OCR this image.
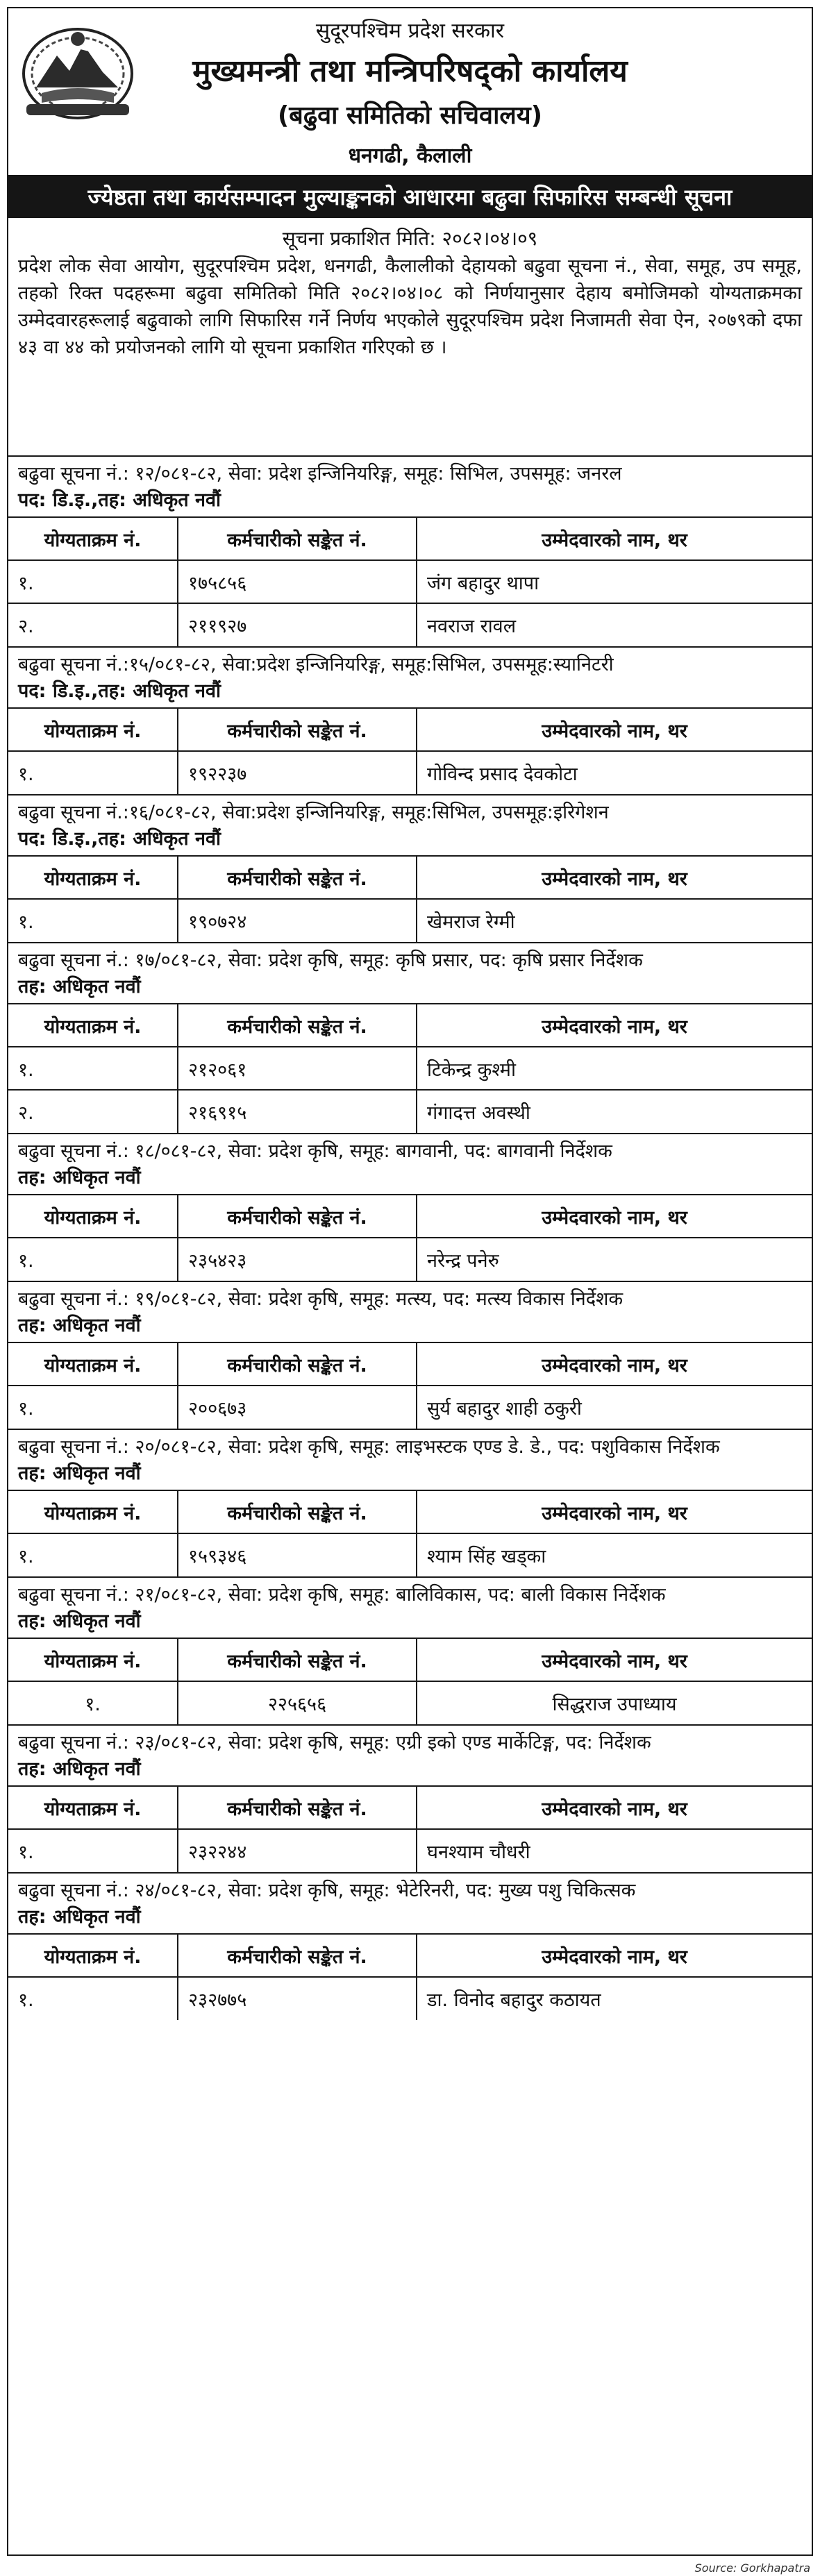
सुदूरपश्चिम प्रदेश सरकार
मुख्यमन्त्री तथा मन्त्रिपरिषद्को कार्यालय
(बढुवा समितिको सचिवालय)
धनगढी, कैलाली
ज्येष्ठता तथा कार्यसम्पादन मुल्याङ्कनको आधारमा बढुवा सिफारिस सम्बन्धी सूचना
सूचना प्रकाशित मिति: २०८२।०४।०९
प्रदेश लोक सेवा आयोग, सुदूरपश्चिम प्रदेश, धनगढी, कैलालीको देहायको बढुवा सूचना नं., सेवा, समूह, उप समूह, तहको रिक्त पदहरूमा बढुवा समितिको मिति २०८२।०४।०८ को निर्णयानुसार देहाय बमोजिमको योग्यताक्रमका उम्मेदवारहरूलाई बढुवाको लागि सिफारिस गर्ने निर्णय भएकोले सुदूरपश्चिम प्रदेश निजामती सेवा ऐन, २०७९को दफा ४३ वा ४४ को प्रयोजनको लागि यो सूचना प्रकाशित गरिएको छ ।
बढुवा सूचना नं.: १२/०८१-८२, सेवा: प्रदेश इन्जिनियरिङ्ग, समूह: सिभिल, उपसमूह: जनरल
पद: डि.इ.,तह: अधिकृत नवौं
योग्यताक्रम नं.	कर्मचारीको सङ्केत नं.	उम्मेदवारको नाम, थर
१.	१७५८५६	जंग बहादुर थापा
२.	२११९२७	नवराज रावल
बढुवा सूचना नं.:१५/०८१-८२, सेवा:प्रदेश इन्जिनियरिङ्ग, समूह:सिभिल, उपसमूह:स्यानिटरी
पद: डि.इ.,तह: अधिकृत नवौं
योग्यताक्रम नं.	कर्मचारीको सङ्केत नं.	उम्मेदवारको नाम, थर
१.	१९२२३७	गोविन्द प्रसाद देवकोटा
बढुवा सूचना नं.:१६/०८१-८२, सेवा:प्रदेश इन्जिनियरिङ्ग, समूह:सिभिल, उपसमूह:इरिगेशन
पद: डि.इ.,तह: अधिकृत नवौं
योग्यताक्रम नं.	कर्मचारीको सङ्केत नं.	उम्मेदवारको नाम, थर
१.	१९०७२४	खेमराज रेग्मी
बढुवा सूचना नं.: १७/०८१-८२, सेवा: प्रदेश कृषि, समूह: कृषि प्रसार, पद: कृषि प्रसार निर्देशक
तह: अधिकृत नवौं
योग्यताक्रम नं.	कर्मचारीको सङ्केत नं.	उम्मेदवारको नाम, थर
१.	२१२०६१	टिकेन्द्र कुश्मी
२.	२१६९१५	गंगादत्त अवस्थी
बढुवा सूचना नं.: १८/०८१-८२, सेवा: प्रदेश कृषि, समूह: बागवानी, पद: बागवानी निर्देशक
तह: अधिकृत नवौं
योग्यताक्रम नं.	कर्मचारीको सङ्केत नं.	उम्मेदवारको नाम, थर
१.	२३५४२३	नरेन्द्र पनेरु
बढुवा सूचना नं.: १९/०८१-८२, सेवा: प्रदेश कृषि, समूह: मत्स्य, पद: मत्स्य विकास निर्देशक
तह: अधिकृत नवौं
योग्यताक्रम नं.	कर्मचारीको सङ्केत नं.	उम्मेदवारको नाम, थर
१.	२००६७३	सुर्य बहादुर शाही ठकुरी
बढुवा सूचना नं.: २०/०८१-८२, सेवा: प्रदेश कृषि, समूह: लाइभस्टक एण्ड डे. डे., पद: पशुविकास निर्देशक
तह: अधिकृत नवौं
योग्यताक्रम नं.	कर्मचारीको सङ्केत नं.	उम्मेदवारको नाम, थर
१.	१५९३४६	श्याम सिंह खड्का
बढुवा सूचना नं.: २१/०८१-८२, सेवा: प्रदेश कृषि, समूह: बालिविकास, पद: बाली विकास निर्देशक
तह: अधिकृत नवौं
योग्यताक्रम नं.	कर्मचारीको सङ्केत नं.	उम्मेदवारको नाम, थर
१.	२२५६५६	सिद्धराज उपाध्याय
बढुवा सूचना नं.: २३/०८१-८२, सेवा: प्रदेश कृषि, समूह: एग्री इको एण्ड मार्केटिङ्ग, पद: निर्देशक
तह: अधिकृत नवौं
योग्यताक्रम नं.	कर्मचारीको सङ्केत नं.	उम्मेदवारको नाम, थर
१.	२३२२४४	घनश्याम चौधरी
बढुवा सूचना नं.: २४/०८१-८२, सेवा: प्रदेश कृषि, समूह: भेटेरिनरी, पद: मुख्य पशु चिकित्सक
तह: अधिकृत नवौं
योग्यताक्रम नं.	कर्मचारीको सङ्केत नं.	उम्मेदवारको नाम, थर
१.	२३२७७५	डा. विनोद बहादुर कठायत
Source: Gorkhapatra
